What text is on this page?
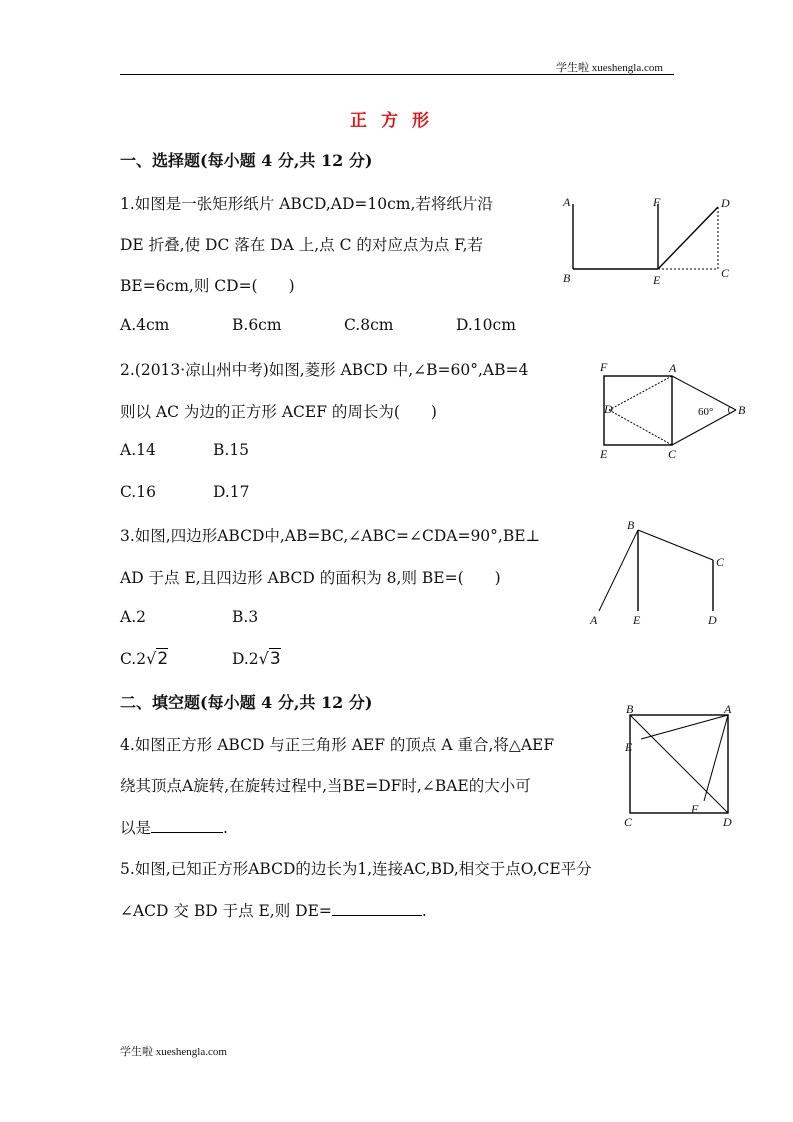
学生啦 xueshengla.com
正方形
一、选择题(每小题 4 分,共 12 分)
1.如图是一张矩形纸片 ABCD,AD=10cm,若将纸片沿
DE 折叠,使 DC 落在 DA 上,点 C 的对应点为点 F,若
BE=6cm,则 CD=(　　)
A.4cm	B.6cm	C.8cm	D.10cm
A
B
F
E
D
C
2.(2013·凉山州中考)如图,菱形 ABCD 中,∠B=60°,AB=4
则以 AC 为边的正方形 ACEF 的周长为(　　)
A.14	B.15
C.16	D.17
F	A
D	B
E	C
60°
3.如图,四边形ABCD中,AB=BC,∠ABC=∠CDA=90°,BE⊥
AD 于点 E,且四边形 ABCD 的面积为 8,则 BE=(　　)
A.2	B.3
C.2√2	D.2√3
B
C
A	E	D
二、填空题(每小题 4 分,共 12 分)
4.如图正方形 ABCD 与正三角形 AEF 的顶点 A 重合,将△AEF
绕其顶点A旋转,在旋转过程中,当BE=DF时,∠BAE的大小可
以是	.
B	A
E
F
C	D
5.如图,已知正方形ABCD的边长为1,连接AC,BD,相交于点O,CE平分
∠ACD 交 BD 于点 E,则 DE=	.
学生啦 xueshengla.com
